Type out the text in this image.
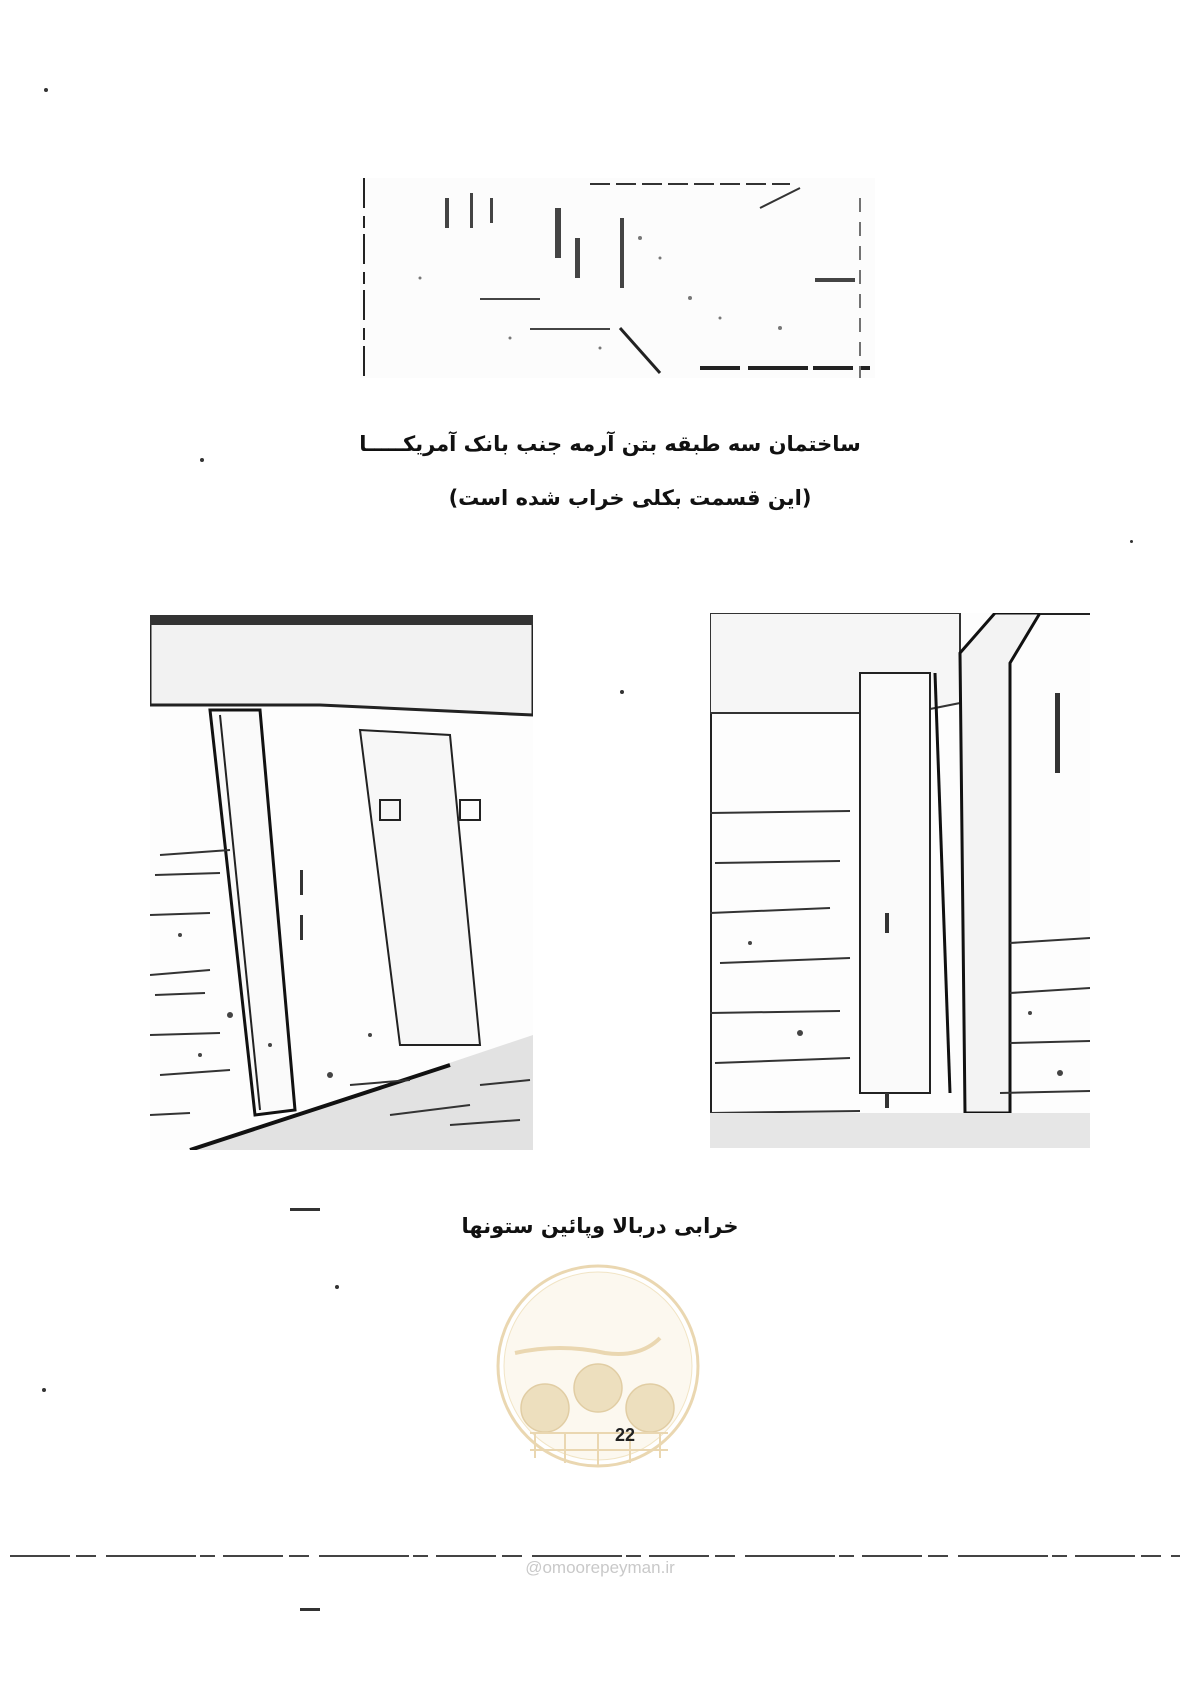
ساختمان سه طبقه بتن آرمه جنب بانک آمریکـــــا
(این قسمت بکلی خراب شده است)
خرابی دربالا وپائین ستونها
22
@omoorepeyman.ir
